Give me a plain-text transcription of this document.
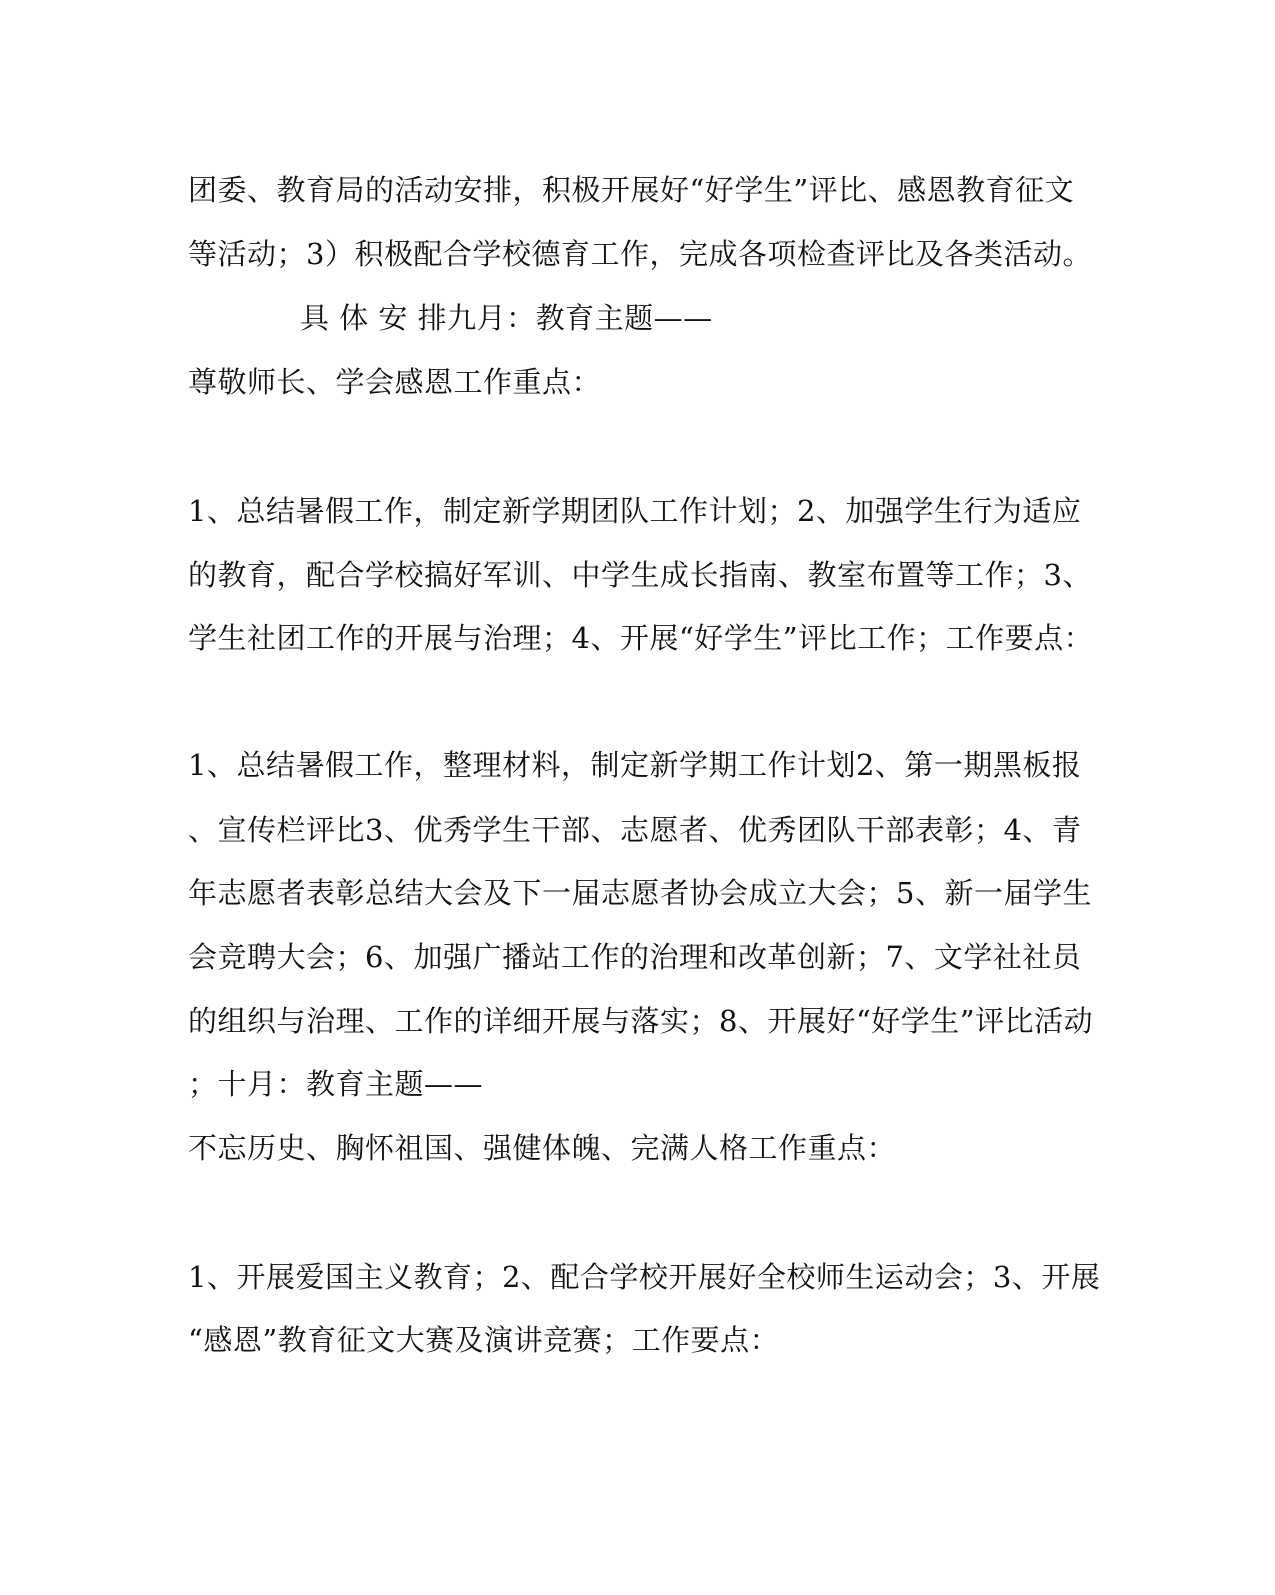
团委、教育局的活动安排，积极开展好“好学生”评比、感恩教育征文
等活动；3）积极配合学校德育工作，完成各项检查评比及各类活动。
具 体 安 排九月：教育主题——
尊敬师长、学会感恩工作重点：
1、总结暑假工作，制定新学期团队工作计划；2、加强学生行为适应
的教育，配合学校搞好军训、中学生成长指南、教室布置等工作；3、
学生社团工作的开展与治理；4、开展“好学生”评比工作；工作要点：
1、总结暑假工作，整理材料，制定新学期工作计划2、第一期黑板报
、宣传栏评比3、优秀学生干部、志愿者、优秀团队干部表彰；4、青
年志愿者表彰总结大会及下一届志愿者协会成立大会；5、新一届学生
会竞聘大会；6、加强广播站工作的治理和改革创新；7、文学社社员
的组织与治理、工作的详细开展与落实；8、开展好“好学生”评比活动
；十月：教育主题——
不忘历史、胸怀祖国、强健体魄、完满人格工作重点：
1、开展爱国主义教育；2、配合学校开展好全校师生运动会；3、开展
“感恩”教育征文大赛及演讲竞赛；工作要点：
